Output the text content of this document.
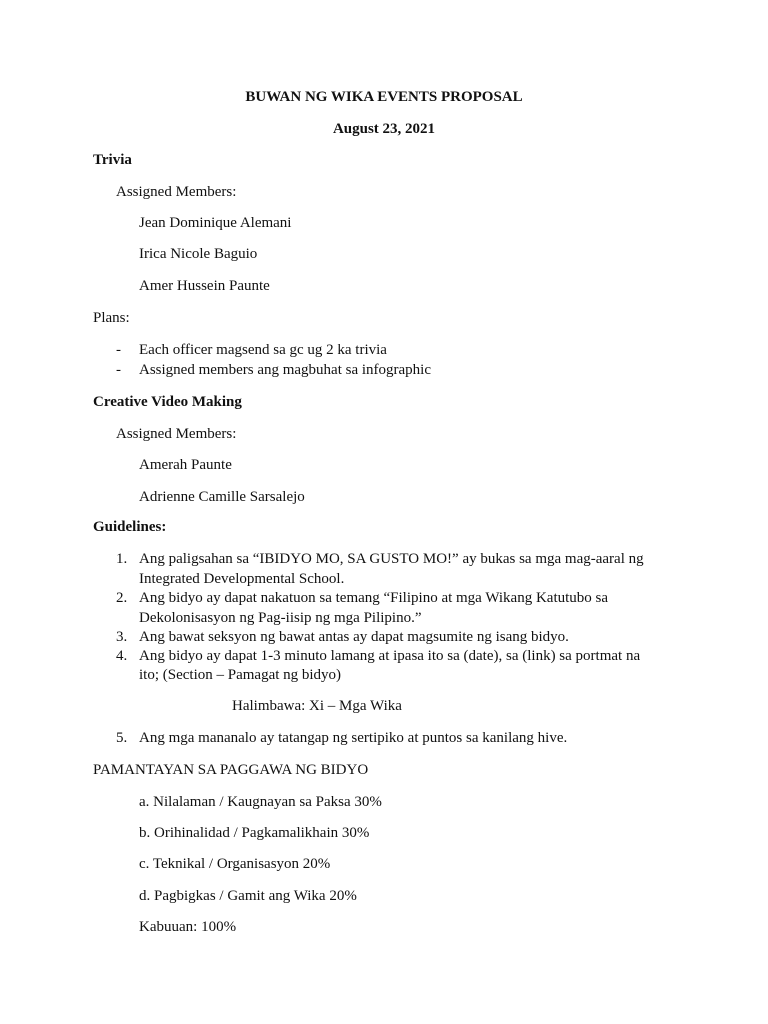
BUWAN NG WIKA EVENTS PROPOSAL
August 23, 2021
Trivia
Assigned Members:
Jean Dominique Alemani
Irica Nicole Baguio
Amer Hussein Paunte
Plans:
- Each officer magsend sa gc ug 2 ka trivia
- Assigned members ang magbuhat sa infographic
Creative Video Making
Assigned Members:
Amerah Paunte
Adrienne Camille Sarsalejo
Guidelines:
1. Ang paligsahan sa “IBIDYO MO, SA GUSTO MO!” ay bukas sa mga mag-aaral ng
Integrated Developmental School.
2. Ang bidyo ay dapat nakatuon sa temang “Filipino at mga Wikang Katutubo sa
Dekolonisasyon ng Pag-iisip ng mga Pilipino.”
3. Ang bawat seksyon ng bawat antas ay dapat magsumite ng isang bidyo.
4. Ang bidyo ay dapat 1-3 minuto lamang at ipasa ito sa (date), sa (link) sa portmat na
ito; (Section – Pamagat ng bidyo)
Halimbawa: Xi – Mga Wika
5. Ang mga mananalo ay tatangap ng sertipiko at puntos sa kanilang hive.
PAMANTAYAN SA PAGGAWA NG BIDYO
a. Nilalaman / Kaugnayan sa Paksa 30%
b. Orihinalidad / Pagkamalikhain 30%
c. Teknikal / Organisasyon 20%
d. Pagbigkas / Gamit ang Wika 20%
Kabuuan: 100%
